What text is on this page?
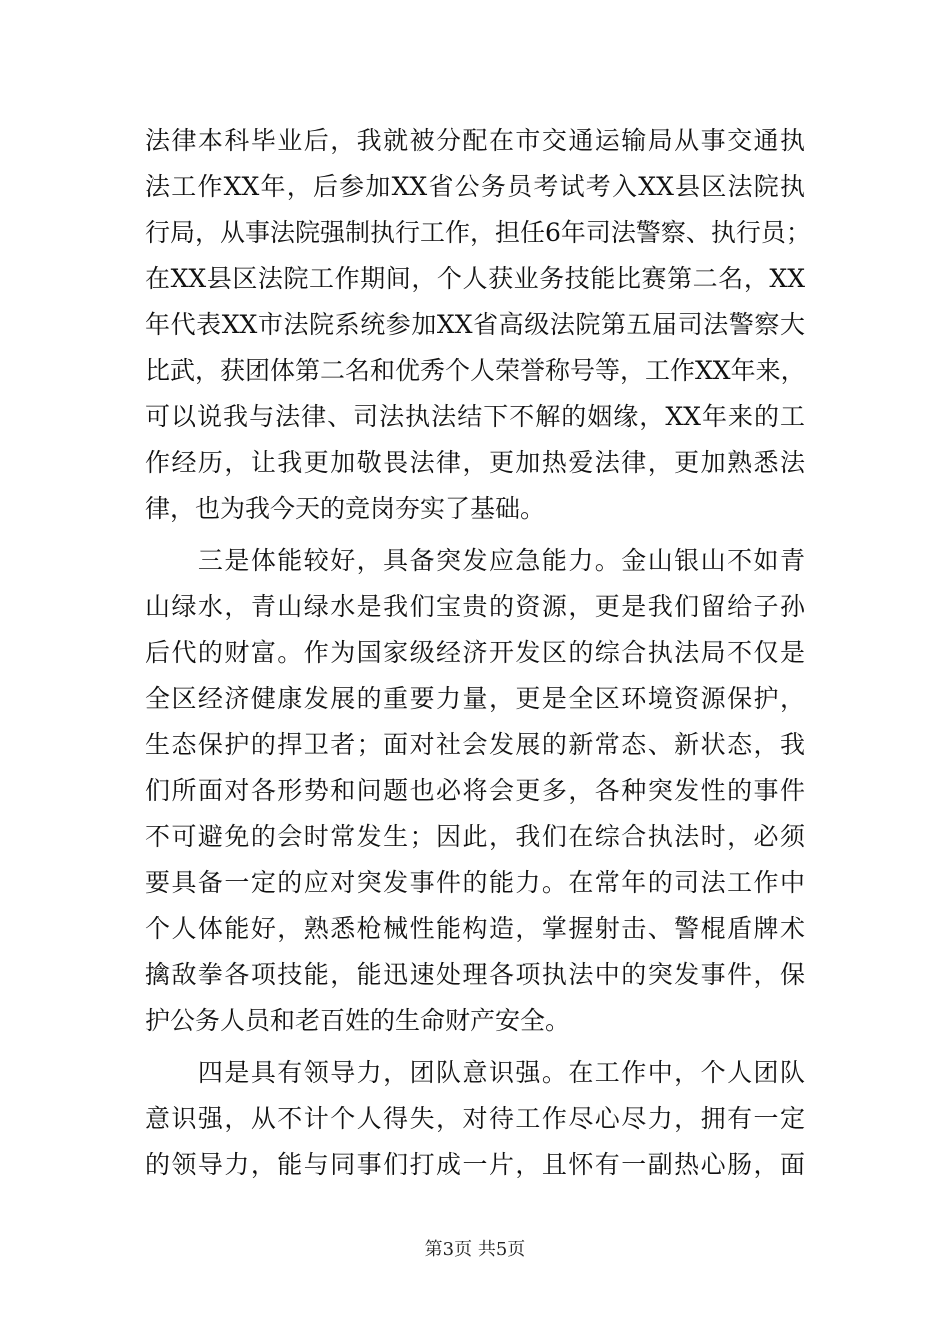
法律本科毕业后，我就被分配在市交通运输局从事交通执
法工作XX年，后参加XX省公务员考试考入XX县区法院执
行局，从事法院强制执行工作，担任6年司法警察、执行员；
在XX县区法院工作期间，个人获业务技能比赛第二名，XX
年代表XX市法院系统参加XX省高级法院第五届司法警察大
比武，获团体第二名和优秀个人荣誉称号等，工作XX年来，
可以说我与法律、司法执法结下不解的姻缘，XX年来的工
作经历，让我更加敬畏法律，更加热爱法律，更加熟悉法
律，也为我今天的竞岗夯实了基础。
　　三是体能较好，具备突发应急能力。金山银山不如青
山绿水，青山绿水是我们宝贵的资源，更是我们留给子孙
后代的财富。作为国家级经济开发区的综合执法局不仅是
全区经济健康发展的重要力量，更是全区环境资源保护，
生态保护的捍卫者；面对社会发展的新常态、新状态，我
们所面对各形势和问题也必将会更多，各种突发性的事件
不可避免的会时常发生；因此，我们在综合执法时，必须
要具备一定的应对突发事件的能力。在常年的司法工作中
个人体能好，熟悉枪械性能构造，掌握射击、警棍盾牌术
擒敌拳各项技能，能迅速处理各项执法中的突发事件，保
护公务人员和老百姓的生命财产安全。
　　四是具有领导力，团队意识强。在工作中，个人团队
意识强，从不计个人得失，对待工作尽心尽力，拥有一定
的领导力，能与同事们打成一片，且怀有一副热心肠，面
第3页 共5页
